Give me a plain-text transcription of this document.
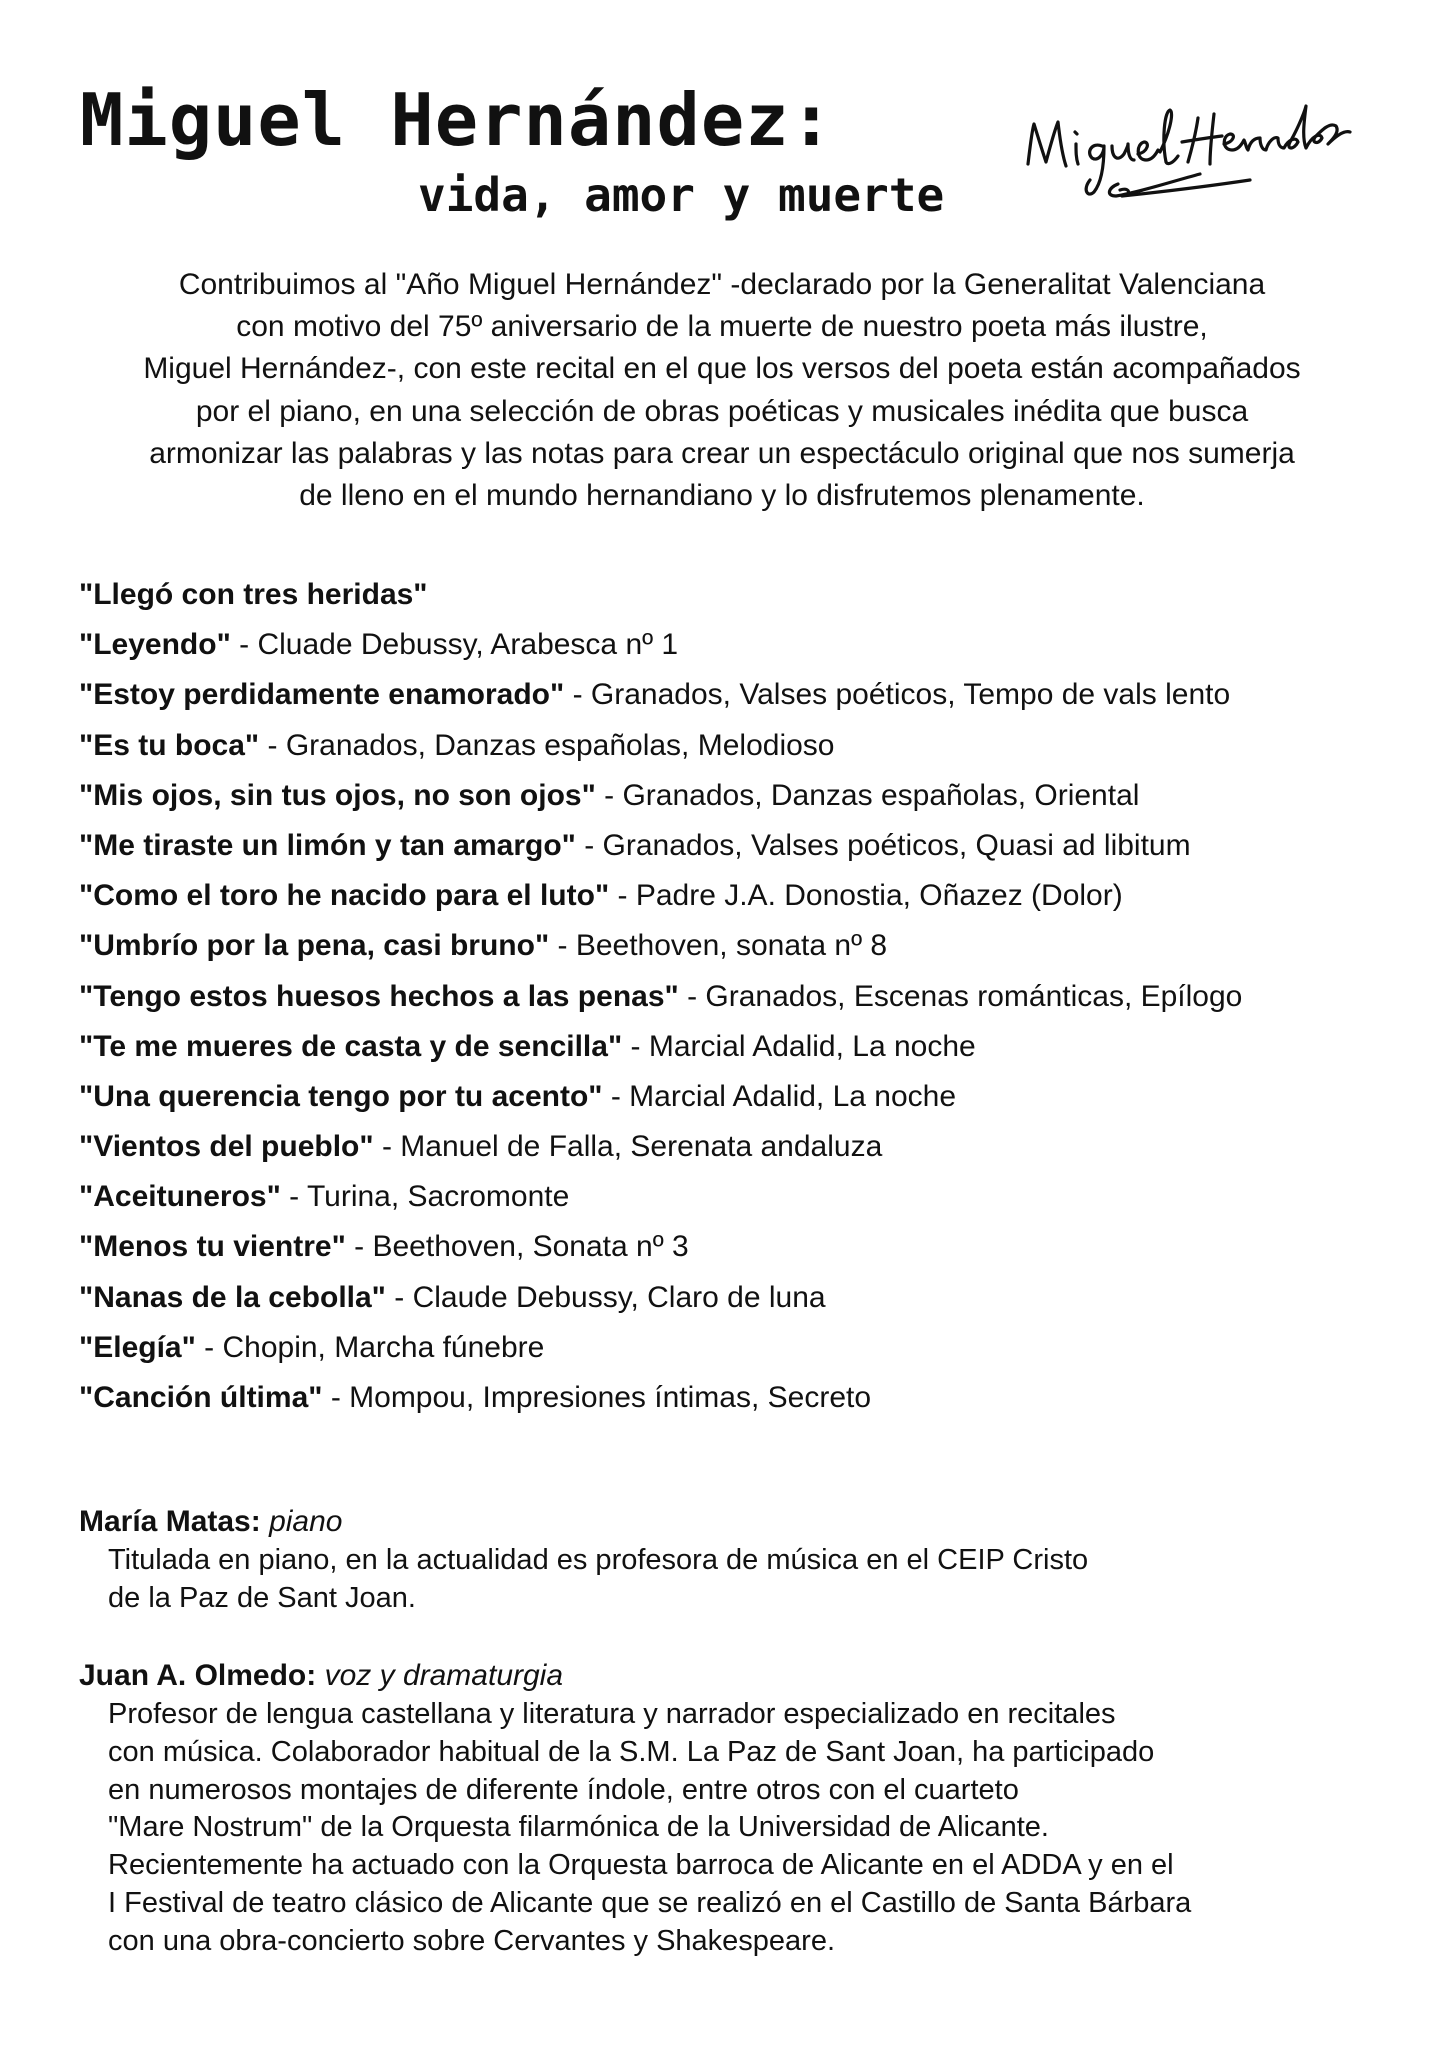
Miguel Hernández:
vida, amor y muerte
Contribuimos al "Año Miguel Hernández" -declarado por la Generalitat Valenciana
con motivo del 75º aniversario de la muerte de nuestro poeta más ilustre,
Miguel Hernández-, con este recital en el que los versos del poeta están acompañados
por el piano, en una selección de obras poéticas y musicales inédita que busca
armonizar las palabras y las notas para crear un espectáculo original que nos sumerja
de lleno en el mundo hernandiano y lo disfrutemos plenamente.
"Llegó con tres heridas"
"Leyendo" - Cluade Debussy, Arabesca nº 1
"Estoy perdidamente enamorado" - Granados, Valses poéticos, Tempo de vals lento
"Es tu boca" - Granados, Danzas españolas, Melodioso
"Mis ojos, sin tus ojos, no son ojos" - Granados, Danzas españolas, Oriental
"Me tiraste un limón y tan amargo" - Granados, Valses poéticos, Quasi ad libitum
"Como el toro he nacido para el luto" - Padre J.A. Donostia, Oñazez (Dolor)
"Umbrío por la pena, casi bruno" - Beethoven, sonata nº 8
"Tengo estos huesos hechos a las penas" - Granados, Escenas románticas, Epílogo
"Te me mueres de casta y de sencilla" - Marcial Adalid, La noche
"Una querencia tengo por tu acento" - Marcial Adalid, La noche
"Vientos del pueblo" - Manuel de Falla, Serenata andaluza
"Aceituneros" - Turina, Sacromonte
"Menos tu vientre" - Beethoven, Sonata nº 3
"Nanas de la cebolla" - Claude Debussy, Claro de luna
"Elegía" - Chopin, Marcha fúnebre
"Canción última" - Mompou, Impresiones íntimas, Secreto
María Matas: piano

Titulada en piano, en la actualidad es profesora de música en el CEIP Cristo
de la Paz de Sant Joan.

Juan A. Olmedo: voz y dramaturgia

Profesor de lengua castellana y literatura y narrador especializado en recitales
con música. Colaborador habitual de la S.M. La Paz de Sant Joan, ha participado
en numerosos montajes de diferente índole, entre otros con el cuarteto
"Mare Nostrum" de la Orquesta filarmónica de la Universidad de Alicante.
Recientemente ha actuado con la Orquesta barroca de Alicante en el ADDA y en el
I Festival de teatro clásico de Alicante que se realizó en el Castillo de Santa Bárbara
con una obra-concierto sobre Cervantes y Shakespeare.
